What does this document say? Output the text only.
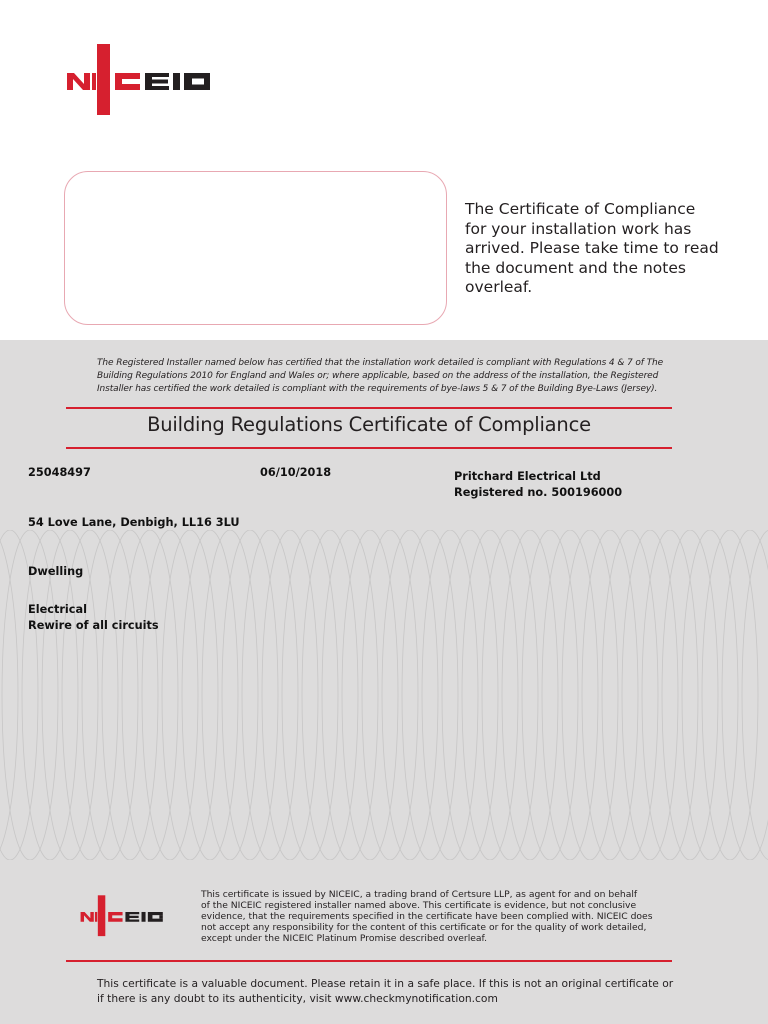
The Certificate of Compliance
for your installation work has
arrived. Please take time to read
the document and the notes
overleaf.
The Registered Installer named below has certified that the installation work detailed is compliant with Regulations 4 & 7 of The
Building Regulations 2010 for England and Wales or; where applicable, based on the address of the installation, the Registered
Installer has certified the work detailed is compliant with the requirements of bye-laws 5 & 7 of the Building Bye-Laws (Jersey).
Building Regulations Certificate of Compliance
25048497	06/10/2018	Pritchard Electrical Ltd
Registered no. 500196000
54 Love Lane, Denbigh, LL16 3LU
Dwelling
Electrical
Rewire of all circuits
This certificate is issued by NICEIC, a trading brand of Certsure LLP, as agent for and on behalf
of the NICEIC registered installer named above. This certificate is evidence, but not conclusive
evidence, that the requirements specified in the certificate have been complied with. NICEIC does
not accept any responsibility for the content of this certificate or for the quality of work detailed,
except under the NICEIC Platinum Promise described overleaf.
This certificate is a valuable document. Please retain it in a safe place. If this is not an original certificate or
if there is any doubt to its authenticity, visit www.checkmynotification.com
